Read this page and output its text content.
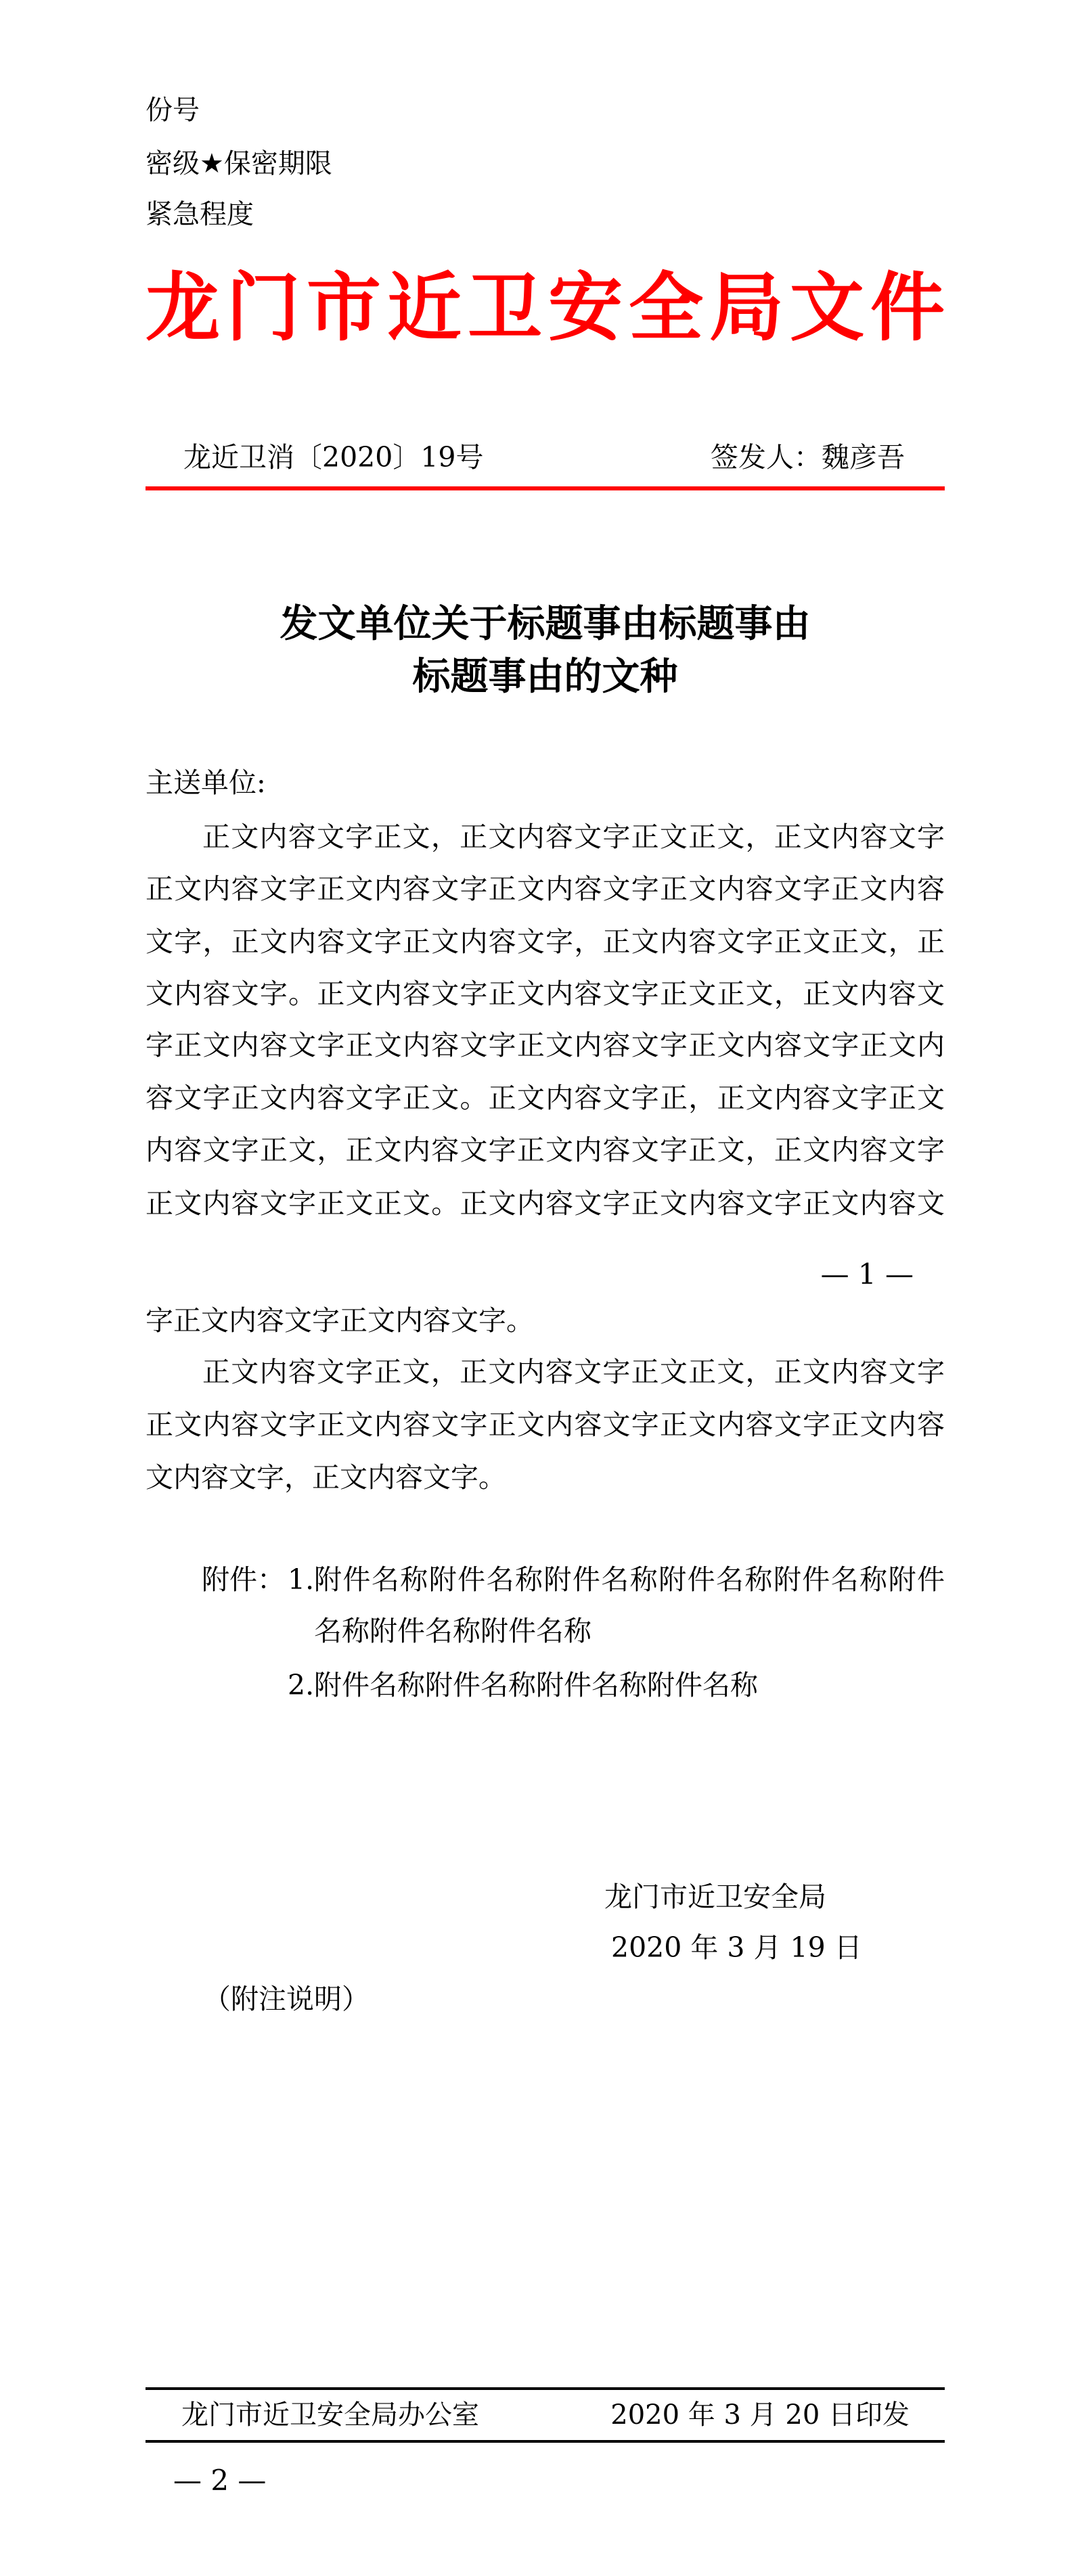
份号
密级★保密期限
紧急程度
龙 门 市 近 卫 安 全 局 文 件
龙近卫消〔2020〕19号	签发人：魏彦吾
发文单位关于标题事由标题事由
标题事由的文种
主送单位:
正文内容文字正文，正文内容文字正文正文，正文内容文字
正文内容文字正文内容文字正文内容文字正文内容文字正文内容
文字，正文内容文字正文内容文字，正文内容文字正文正文，正
文内容文字。正文内容文字正文内容文字正文正文，正文内容文
字正文内容文字正文内容文字正文内容文字正文内容文字正文内
容文字正文内容文字正文。正文内容文字正，正文内容文字正文
内容文字正文，正文内容文字正文内容文字正文，正文内容文字
正文内容文字正文正文。正文内容文字正文内容文字正文内容文
— 1 —
字正文内容文字正文内容文字。
正文内容文字正文，正文内容文字正文正文，正文内容文字
正文内容文字正文内容文字正文内容文字正文内容文字正文内容
文内容文字，正文内容文字。
附件： 1. 附件名称附件名称附件名称附件名称附件名称附件
名称附件名称附件名称
2. 附件名称附件名称附件名称附件名称
龙门市近卫安全局
2020 年 3 月 19 日
（附注说明）
龙门市近卫安全局办公室	2020 年 3 月 20 日印发
— 2 —
